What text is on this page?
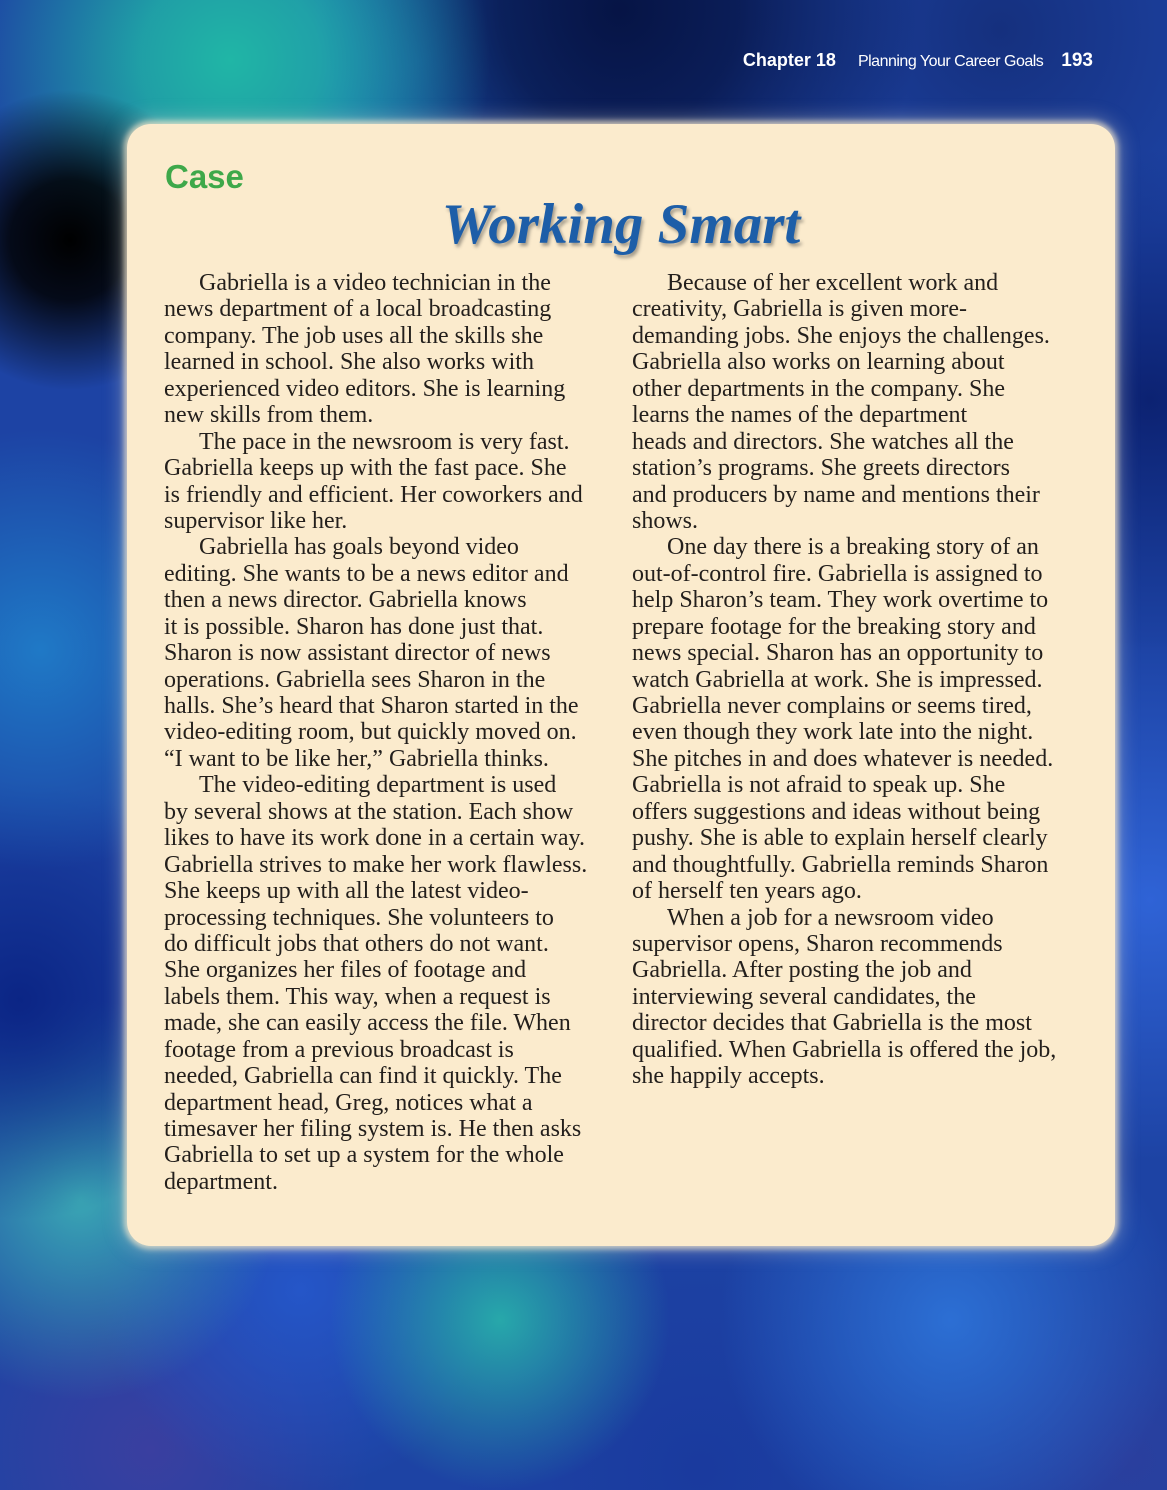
Chapter 18 Planning Your Career Goals 193
Case
Working Smart
Gabriella is a video technician in the
news department of a local broadcasting
company. The job uses all the skills she
learned in school. She also works with
experienced video editors. She is learning
new skills from them.
The pace in the newsroom is very fast.
Gabriella keeps up with the fast pace. She
is friendly and efficient. Her coworkers and
supervisor like her.
Gabriella has goals beyond video
editing. She wants to be a news editor and
then a news director. Gabriella knows
it is possible. Sharon has done just that.
Sharon is now assistant director of news
operations. Gabriella sees Sharon in the
halls. She’s heard that Sharon started in the
video-editing room, but quickly moved on.
“I want to be like her,” Gabriella thinks.
The video-editing department is used
by several shows at the station. Each show
likes to have its work done in a certain way.
Gabriella strives to make her work flawless.
She keeps up with all the latest video-
processing techniques. She volunteers to
do difficult jobs that others do not want.
She organizes her files of footage and
labels them. This way, when a request is
made, she can easily access the file. When
footage from a previous broadcast is
needed, Gabriella can find it quickly. The
department head, Greg, notices what a
timesaver her filing system is. He then asks
Gabriella to set up a system for the whole
department.
Because of her excellent work and
creativity, Gabriella is given more-
demanding jobs. She enjoys the challenges.
Gabriella also works on learning about
other departments in the company. She
learns the names of the department
heads and directors. She watches all the
station’s programs. She greets directors
and producers by name and mentions their
shows.
One day there is a breaking story of an
out-of-control fire. Gabriella is assigned to
help Sharon’s team. They work overtime to
prepare footage for the breaking story and
news special. Sharon has an opportunity to
watch Gabriella at work. She is impressed.
Gabriella never complains or seems tired,
even though they work late into the night.
She pitches in and does whatever is needed.
Gabriella is not afraid to speak up. She
offers suggestions and ideas without being
pushy. She is able to explain herself clearly
and thoughtfully. Gabriella reminds Sharon
of herself ten years ago.
When a job for a newsroom video
supervisor opens, Sharon recommends
Gabriella. After posting the job and
interviewing several candidates, the
director decides that Gabriella is the most
qualified. When Gabriella is offered the job,
she happily accepts.
